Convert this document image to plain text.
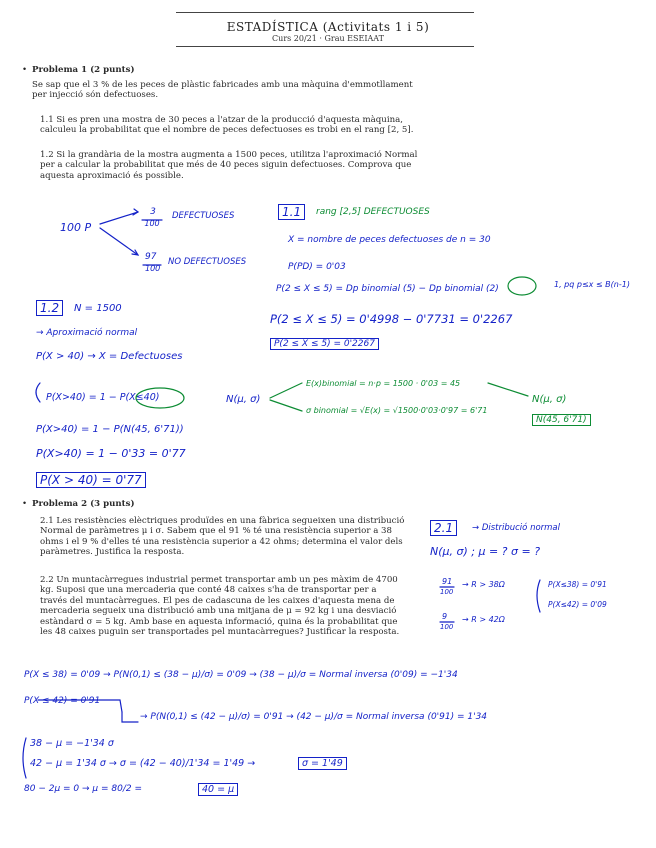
ESTADÍSTICA (Activitats 1 i 5)
Curs 20/21 · Grau ESEIAAT
• Problema 1 (2 punts)
Se sap que el 3 % de les peces de plàstic fabricades amb una màquina d'emmotllament per injecció són defectuoses.
1.1 Si es pren una mostra de 30 peces a l'atzar de la producció d'aquesta màquina, calculeu la probabilitat que el nombre de peces defectuoses es trobi en el rang [2, 5].
1.2 Si la grandària de la mostra augmenta a 1500 peces, utilitza l'aproximació Normal per a calcular la probabilitat que més de 40 peces siguin defectuoses. Comprova que aquesta aproximació és possible.
100 P
3
100
DEFECTUOSES
97
100
NO DEFECTUOSES
1.1	rang [2,5] DEFECTUOSES
X = nombre de peces defectuoses de n = 30
P(PD) = 0'03
P(2 ≤ X ≤ 5) = Dp binomial (5) − Dp binomial (2)	1, pq p≤x ≤ B(n-1)
P(2 ≤ X ≤ 5) = 0'4998 − 0'7731 = 0'2267
P(2 ≤ X ≤ 5) = 0'2267
1.2	N = 1500
→ Aproximació normal
P(X > 40) → X = Defectuoses
P(X>40) = 1 − P(X≤40)	N(μ, σ)
E(x)binomial = n·p = 1500 · 0'03 = 45
σ binomial = √E(x) = √1500·0'03·0'97 = 6'71
N(μ, σ)
N(45, 6'71)
P(X>40) = 1 − P(N(45, 6'71))
P(X>40) = 1 − 0'33 = 0'77
P(X > 40) = 0'77
• Problema 2 (3 punts)
2.1 Les resistències elèctriques produïdes en una fàbrica segueixen una distribució Normal de paràmetres μ i σ. Sabem que el 91 % té una resistència superior a 38 ohms i el 9 % d'elles té una resistència superior a 42 ohms; determina el valor dels paràmetres. Justifica la resposta.
2.2 Un muntacàrregues industrial permet transportar amb un pes màxim de 4700 kg. Suposi que una mercaderia que conté 48 caixes s'ha de transportar per a través del muntacàrregues. El pes de cadascuna de les caixes d'aquesta mena de mercaderia segueix una distribució amb una mitjana de μ = 92 kg i una desviació estàndard σ = 5 kg. Amb base en aquesta informació, quina és la probabilitat que les 48 caixes puguin ser transportades pel muntacàrregues? Justificar la resposta.
2.1	→ Distribució normal
N(μ, σ) ; μ = ? σ = ?
91
100
→ R > 38Ω
9
100
→ R > 42Ω
P(X≤38) = 0'91
P(X≤42) = 0'09
P(X ≤ 38) = 0'09 → P(N(0,1) ≤ (38 − μ)/σ) = 0'09 → (38 − μ)/σ = Normal inversa (0'09) = −1'34
P(X ≤ 42) = 0'91
→ P(N(0,1) ≤ (42 − μ)/σ) = 0'91 → (42 − μ)/σ = Normal inversa (0'91) = 1'34
38 − μ = −1'34 σ
42 − μ = 1'34 σ → σ = (42 − 40)/1'34 = 1'49 →	σ = 1'49
80 − 2μ = 0 → μ = 80/2 =	40 = μ
